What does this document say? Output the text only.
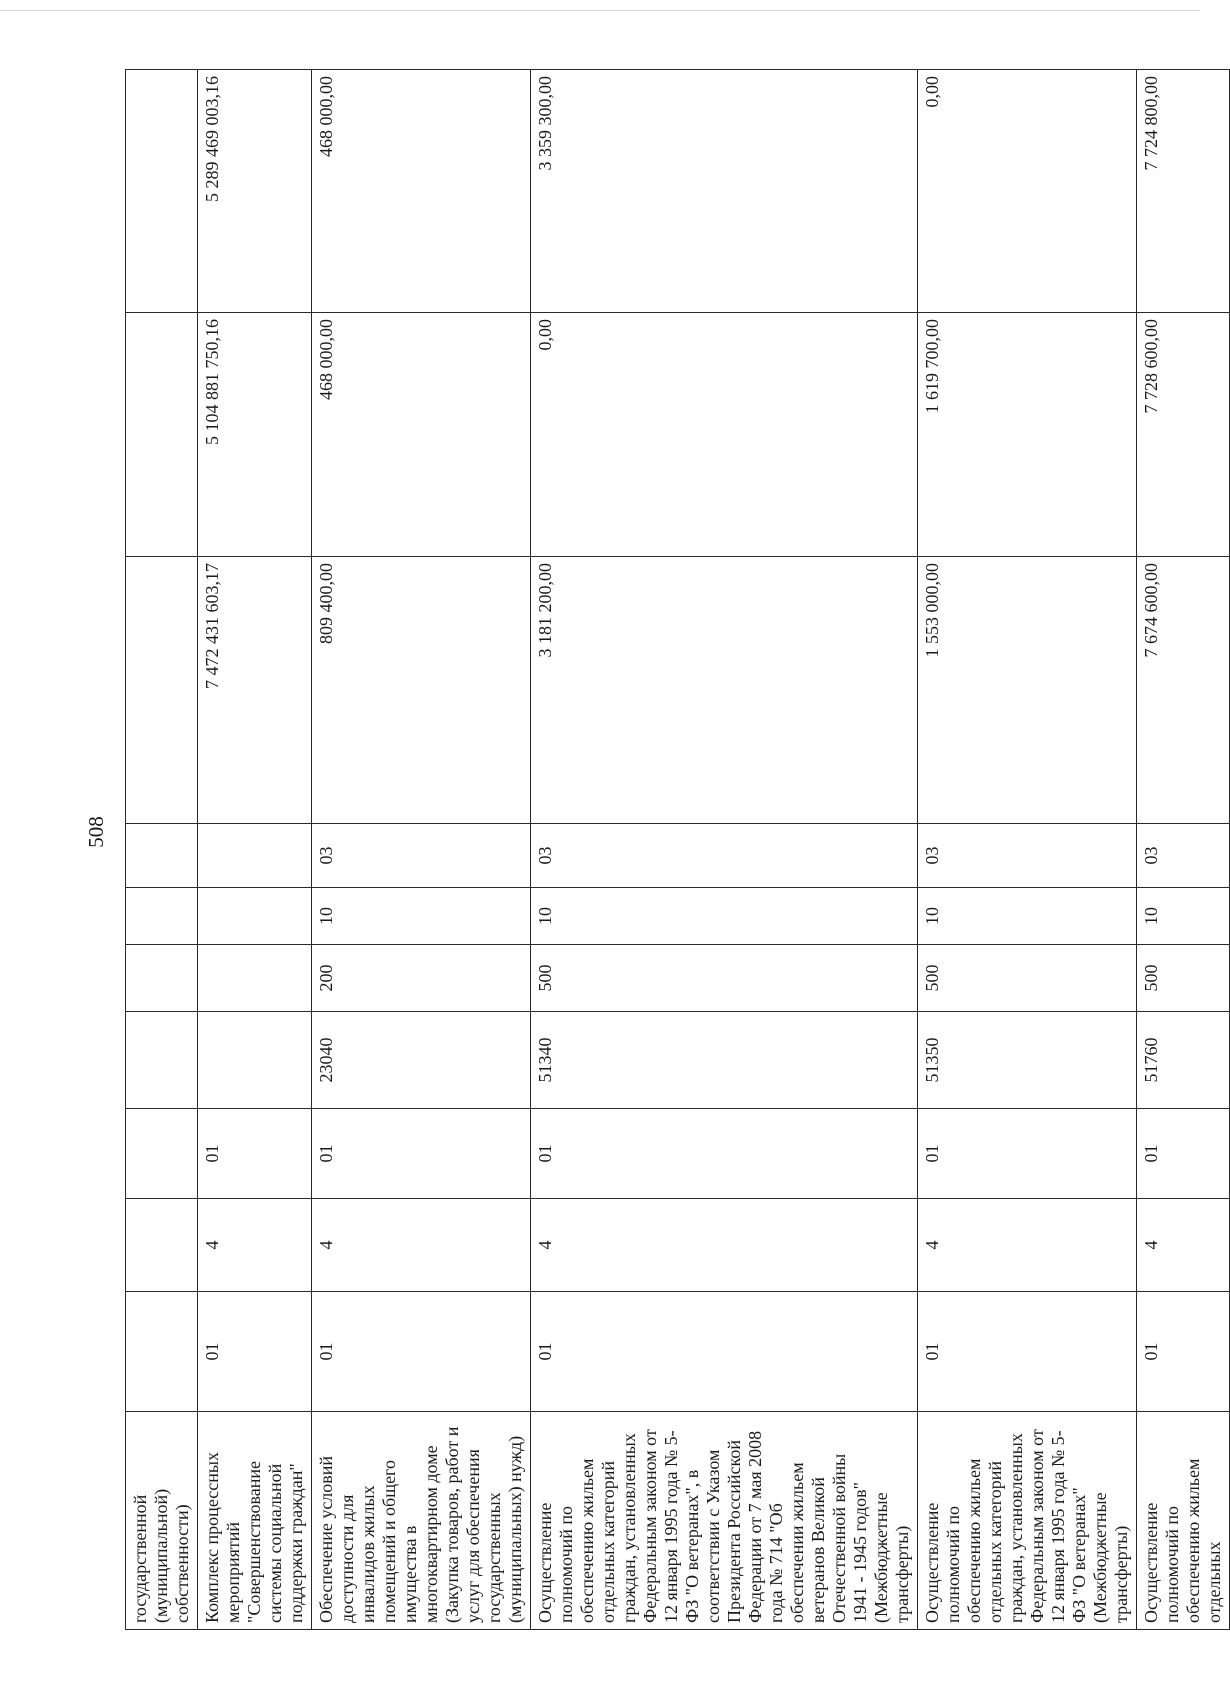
508
государственной (муниципальной) собственности)										
Комплекс процессных мероприятий "Совершенствование системы социальной поддержки граждан"	01	4	01					7 472 431 603,17	5 104 881 750,16	5 289 469 003,16
Обеспечение условий доступности для инвалидов жилых помещений и общего имущества в многоквартирном доме (Закупка товаров, работ и услуг для обеспечения государственных (муниципальных) нужд)	01	4	01	23040	200	10	03	809 400,00	468 000,00	468 000,00
Осуществление полномочий по обеспечению жильем отдельных категорий граждан, установленных Федеральным законом от 12 января 1995 года № 5-ФЗ "О ветеранах", в соответствии с Указом Президента Российской Федерации от 7 мая 2008 года № 714 "Об обеспечении жильем ветеранов Великой Отечественной войны 1941 - 1945 годов" (Межбюджетные трансферты)	01	4	01	51340	500	10	03	3 181 200,00	0,00	3 359 300,00
Осуществление полномочий по обеспечению жильем отдельных категорий граждан, установленных Федеральным законом от 12 января 1995 года № 5-ФЗ "О ветеранах" (Межбюджетные трансферты)	01	4	01	51350	500	10	03	1 553 000,00	1 619 700,00	0,00
Осуществление полномочий по обеспечению жильем отдельных	01	4	01	51760	500	10	03	7 674 600,00	7 728 600,00	7 724 800,00
